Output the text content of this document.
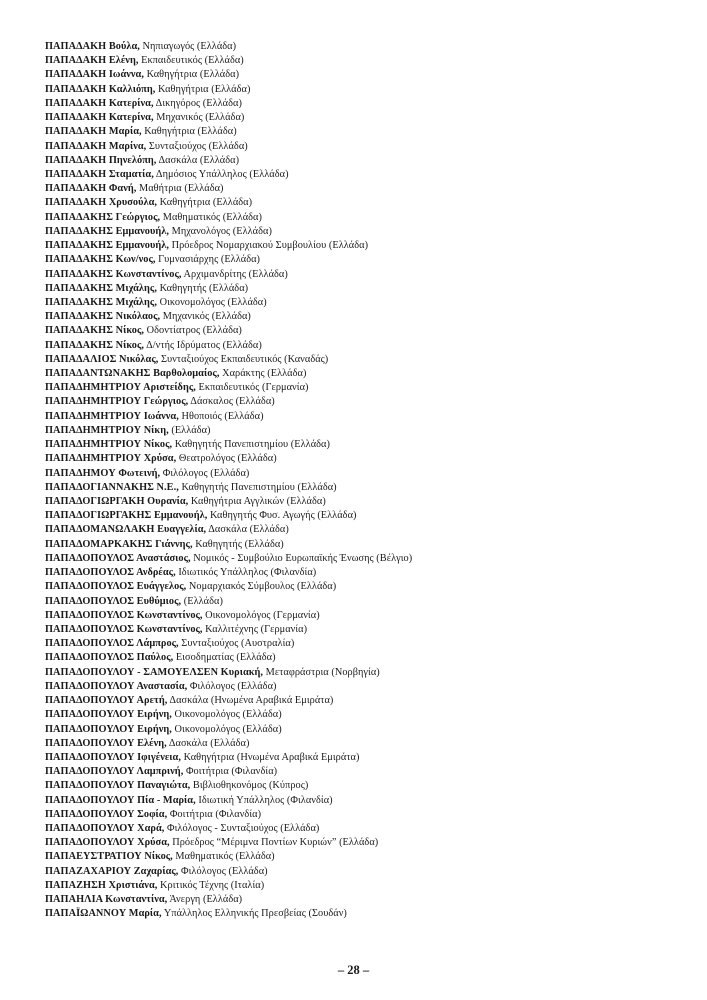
ΠΑΠΑΔΑΚΗ Βούλα, Νηπιαγωγός (Ελλάδα)
ΠΑΠΑΔΑΚΗ Ελένη, Εκπαιδευτικός (Ελλάδα)
ΠΑΠΑΔΑΚΗ Ιωάννα, Καθηγήτρια (Ελλάδα)
ΠΑΠΑΔΑΚΗ Καλλιόπη, Καθηγήτρια (Ελλάδα)
ΠΑΠΑΔΑΚΗ Κατερίνα, Δικηγόρος (Ελλάδα)
ΠΑΠΑΔΑΚΗ Κατερίνα, Μηχανικός (Ελλάδα)
ΠΑΠΑΔΑΚΗ Μαρία, Καθηγήτρια (Ελλάδα)
ΠΑΠΑΔΑΚΗ Μαρίνα, Συνταξιούχος (Ελλάδα)
ΠΑΠΑΔΑΚΗ Πηνελόπη, Δασκάλα (Ελλάδα)
ΠΑΠΑΔΑΚΗ Σταματία, Δημόσιος Υπάλληλος (Ελλάδα)
ΠΑΠΑΔΑΚΗ Φανή, Μαθήτρια (Ελλάδα)
ΠΑΠΑΔΑΚΗ Χρυσούλα, Καθηγήτρια (Ελλάδα)
ΠΑΠΑΔΑΚΗΣ Γεώργιος, Μαθηματικός (Ελλάδα)
ΠΑΠΑΔΑΚΗΣ Εμμανουήλ, Μηχανολόγος (Ελλάδα)
ΠΑΠΑΔΑΚΗΣ Εμμανουήλ, Πρόεδρος Νομαρχιακού Συμβουλίου (Ελλάδα)
ΠΑΠΑΔΑΚΗΣ Κων/νος, Γυμνασιάρχης (Ελλάδα)
ΠΑΠΑΔΑΚΗΣ Κωνσταντίνος, Αρχιμανδρίτης (Ελλάδα)
ΠΑΠΑΔΑΚΗΣ Μιχάλης, Καθηγητής (Ελλάδα)
ΠΑΠΑΔΑΚΗΣ Μιχάλης, Οικονομολόγος (Ελλάδα)
ΠΑΠΑΔΑΚΗΣ Νικόλαος, Μηχανικός (Ελλάδα)
ΠΑΠΑΔΑΚΗΣ Νίκος, Οδοντίατρος (Ελλάδα)
ΠΑΠΑΔΑΚΗΣ Νίκος, Δ/ντής Ιδρύματος (Ελλάδα)
ΠΑΠΑΔΑΛΙΟΣ Νικόλας, Συνταξιούχος Εκπαιδευτικός (Καναδάς)
ΠΑΠΑΔΑΝΤΩΝΑΚΗΣ Βαρθολομαίος, Χαράκτης (Ελλάδα)
ΠΑΠΑΔΗΜΗΤΡΙΟΥ Αριστείδης, Εκπαιδευτικός (Γερμανία)
ΠΑΠΑΔΗΜΗΤΡΙΟΥ Γεώργιος, Δάσκαλος (Ελλάδα)
ΠΑΠΑΔΗΜΗΤΡΙΟΥ Ιωάννα, Ηθοποιός (Ελλάδα)
ΠΑΠΑΔΗΜΗΤΡΙΟΥ Νίκη, (Ελλάδα)
ΠΑΠΑΔΗΜΗΤΡΙΟΥ Νίκος, Καθηγητής Πανεπιστημίου (Ελλάδα)
ΠΑΠΑΔΗΜΗΤΡΙΟΥ Χρύσα, Θεατρολόγος (Ελλάδα)
ΠΑΠΑΔΗΜΟΥ Φωτεινή, Φιλόλογος (Ελλάδα)
ΠΑΠΑΔΟΓΙΑΝΝΑΚΗΣ Ν.Ε., Καθηγητής Πανεπιστημίου (Ελλάδα)
ΠΑΠΑΔΟΓΙΩΡΓΑΚΗ Ουρανία, Καθηγήτρια Αγγλικών (Ελλάδα)
ΠΑΠΑΔΟΓΙΩΡΓΑΚΗΣ Εμμανουήλ, Καθηγητής Φυσ. Αγωγής (Ελλάδα)
ΠΑΠΑΔΟΜΑΝΩΛΑΚΗ Ευαγγελία, Δασκάλα (Ελλάδα)
ΠΑΠΑΔΟΜΑΡΚΑΚΗΣ Γιάννης, Καθηγητής (Ελλάδα)
ΠΑΠΑΔΟΠΟΥΛΟΣ Αναστάσιος, Νομικός - Συμβούλιο Ευρωπαϊκής Ένωσης (Βέλγιο)
ΠΑΠΑΔΟΠΟΥΛΟΣ Ανδρέας, Ιδιωτικός Υπάλληλος (Φιλανδία)
ΠΑΠΑΔΟΠΟΥΛΟΣ Ευάγγελος, Νομαρχιακός Σύμβουλος (Ελλάδα)
ΠΑΠΑΔΟΠΟΥΛΟΣ Ευθύμιος, (Ελλάδα)
ΠΑΠΑΔΟΠΟΥΛΟΣ Κωνσταντίνος, Οικονομολόγος (Γερμανία)
ΠΑΠΑΔΟΠΟΥΛΟΣ Κωνσταντίνος, Καλλιτέχνης (Γερμανία)
ΠΑΠΑΔΟΠΟΥΛΟΣ Λάμπρος, Συνταξιούχος (Αυστραλία)
ΠΑΠΑΔΟΠΟΥΛΟΣ Παύλος, Εισοδηματίας (Ελλάδα)
ΠΑΠΑΔΟΠΟΥΛΟΥ - ΣΑΜΟΥΕΛΣΕΝ Κυριακή, Μεταφράστρια (Νορβηγία)
ΠΑΠΑΔΟΠΟΥΛΟΥ Αναστασία, Φιλόλογος (Ελλάδα)
ΠΑΠΑΔΟΠΟΥΛΟΥ Αρετή, Δασκάλα (Ηνωμένα Αραβικά Εμιράτα)
ΠΑΠΑΔΟΠΟΥΛΟΥ Ειρήνη, Οικονομολόγος (Ελλάδα)
ΠΑΠΑΔΟΠΟΥΛΟΥ Ειρήνη, Οικονομολόγος (Ελλάδα)
ΠΑΠΑΔΟΠΟΥΛΟΥ Ελένη, Δασκάλα (Ελλάδα)
ΠΑΠΑΔΟΠΟΥΛΟΥ Ιφιγένεια, Καθηγήτρια (Ηνωμένα Αραβικά Εμιράτα)
ΠΑΠΑΔΟΠΟΥΛΟΥ Λαμπρινή, Φοιτήτρια (Φιλανδία)
ΠΑΠΑΔΟΠΟΥΛΟΥ Παναγιώτα, Βιβλιοθηκονόμος (Κύπρος)
ΠΑΠΑΔΟΠΟΥΛΟΥ Πία - Μαρία, Ιδιωτική Υπάλληλος (Φιλανδία)
ΠΑΠΑΔΟΠΟΥΛΟΥ Σοφία, Φοιτήτρια (Φιλανδία)
ΠΑΠΑΔΟΠΟΥΛΟΥ Χαρά, Φιλόλογος - Συνταξιούχος (Ελλάδα)
ΠΑΠΑΔΟΠΟΥΛΟΥ Χρύσα, Πρόεδρος “Μέριμνα Ποντίων Κυριών” (Ελλάδα)
ΠΑΠΑΕΥΣΤΡΑΤΙΟΥ Νίκος, Μαθηματικός (Ελλάδα)
ΠΑΠΑΖΑΧΑΡΙΟΥ Ζαχαρίας, Φιλόλογος (Ελλάδα)
ΠΑΠΑΖΗΣΗ Χριστιάνα, Κριτικός Τέχνης (Ιταλία)
ΠΑΠΑΗΛΙΑ Κωνσταντίνα, Άνεργη (Ελλάδα)
ΠΑΠΑΪΩΑΝΝΟΥ Μαρία, Υπάλληλος Ελληνικής Πρεσβείας (Σουδάν)
– 28 –
